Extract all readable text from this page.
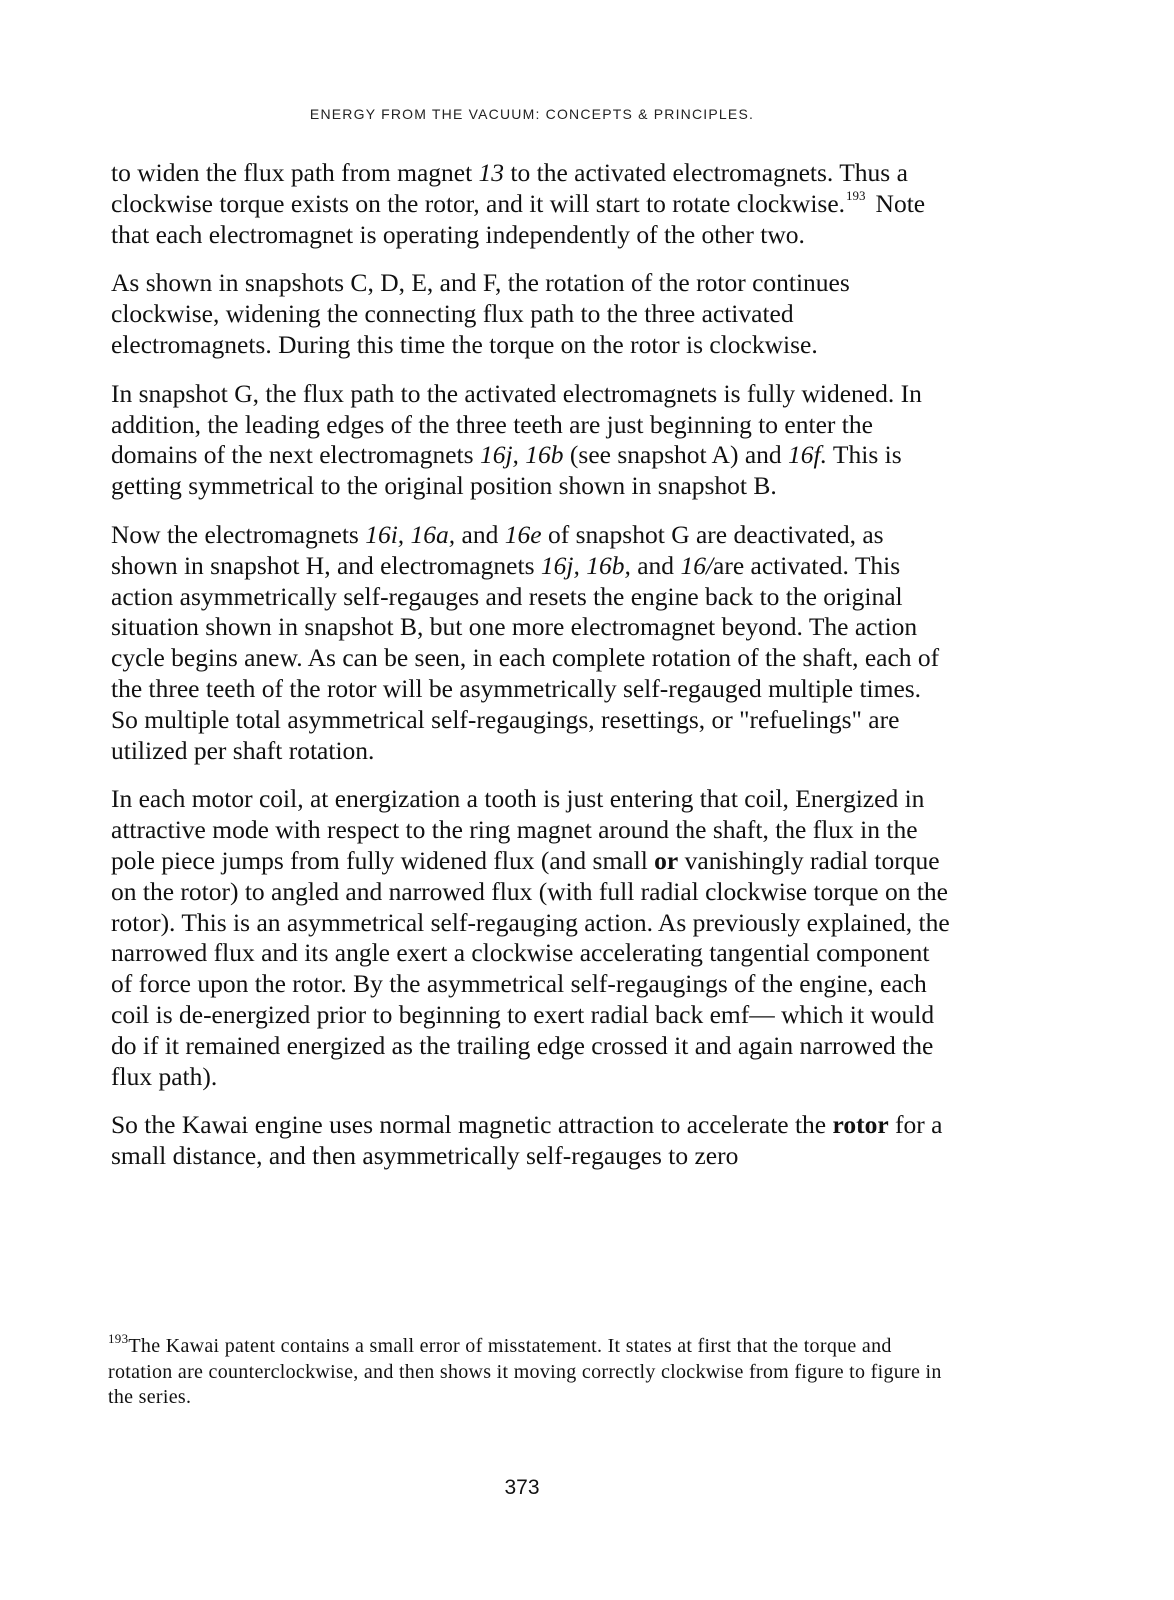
ENERGY FROM THE VACUUM: CONCEPTS & PRINCIPLES.

to widen the flux path from magnet 13 to the activated electromagnets. Thus a clockwise torque exists on the rotor, and it will start to rotate clockwise.$^{193}$ Note that each electromagnet is operating independently of the other two.

As shown in snapshots C, D, E, and F, the rotation of the rotor continues clockwise, widening the connecting flux path to the three activated electromagnets. During this time the torque on the rotor is clockwise.

In snapshot G, the flux path to the activated electromagnets is fully widened. In addition, the leading edges of the three teeth are just beginning to enter the domains of the next electromagnets 16j, 16b (see snapshot A) and 16f. This is getting symmetrical to the original position shown in snapshot B.

Now the electromagnets 16i, 16a, and 16e of snapshot G are deactivated, as shown in snapshot H, and electromagnets 16j, 16b, and 16/are activated. This action asymmetrically self-regauges and resets the engine back to the original situation shown in snapshot B, but one more electromagnet beyond. The action cycle begins anew. As can be seen, in each complete rotation of the shaft, each of the three teeth of the rotor will be asymmetrically self-regauged multiple times. So multiple total asymmetrical self-regaugings, resettings, or "refuelings" are utilized per shaft rotation.

In each motor coil, at energization a tooth is just entering that coil, Energized in attractive mode with respect to the ring magnet around the shaft, the flux in the pole piece jumps from fully widened flux (and small or vanishingly radial torque on the rotor) to angled and narrowed flux (with full radial clockwise torque on the rotor). This is an asymmetrical self-regauging action. As previously explained, the narrowed flux and its angle exert a clockwise accelerating tangential component of force upon the rotor. By the asymmetrical self-regaugings of the engine, each coil is de-energized prior to beginning to exert radial back emf— which it would do if it remained energized as the trailing edge crossed it and again narrowed the flux path).

So the Kawai engine uses normal magnetic attraction to accelerate the rotor for a small distance, and then asymmetrically self-regauges to zero

$^{193}$The Kawai patent contains a small error of misstatement. It states at first that the torque and rotation are counterclockwise, and then shows it moving correctly clockwise from figure to figure in the series.
373
